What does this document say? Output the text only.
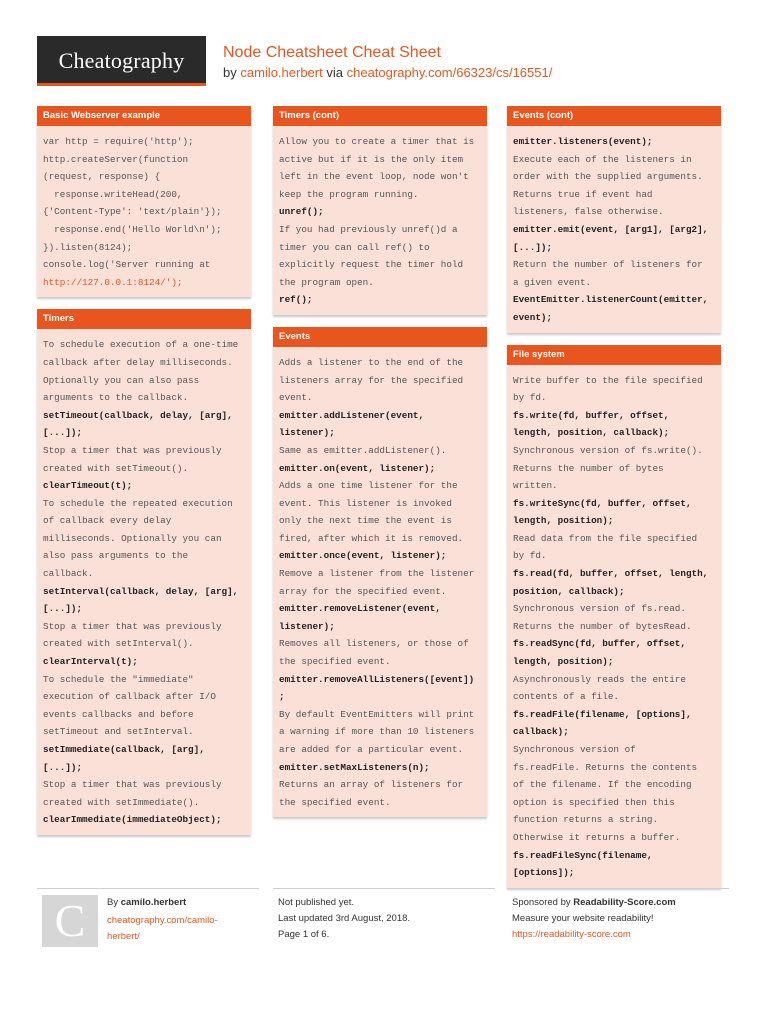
Cheatography	Node Cheatsheet Cheat Sheet
by camilo.herbert via cheatography.com/66323/cs/16551/
Basic Webserver example
var http = require('http');
http.createServer(function
(request, response) {
response.writeHead(200,
{'Content-Type': 'text/plain'});
response.end('Hello World\n');
}).listen(8124);
console.log('Server running at
http://127.0.0.1:8124/');
Timers
To schedule execution of a one-time
callback after delay milliseconds.
Optionally you can also pass
arguments to the callback.
setTimeout(callback, delay, [arg],
[...]);
Stop a timer that was previously
created with setTimeout().
clearTimeout(t);
To schedule the repeated execution
of callback every delay
milliseconds. Optionally you can
also pass arguments to the
callback.
setInterval(callback, delay, [arg],
[...]);
Stop a timer that was previously
created with setInterval().
clearInterval(t);
To schedule the "immediate"
execution of callback after I/O
events callbacks and before
setTimeout and setInterval.
setImmediate(callback, [arg],
[...]);
Stop a timer that was previously
created with setImmediate().
clearImmediate(immediateObject);
Timers (cont)
Allow you to create a timer that is
active but if it is the only item
left in the event loop, node won't
keep the program running.
unref();
If you had previously unref()d a
timer you can call ref() to
explicitly request the timer hold
the program open.
ref();
Events
Adds a listener to the end of the
listeners array for the specified
event.
emitter.addListener(event,
listener);
Same as emitter.addListener().
emitter.on(event, listener);
Adds a one time listener for the
event. This listener is invoked
only the next time the event is
fired, after which it is removed.
emitter.once(event, listener);
Remove a listener from the listener
array for the specified event.
emitter.removeListener(event,
listener);
Removes all listeners, or those of
the specified event.
emitter.removeAllListeners([event])
;
By default EventEmitters will print
a warning if more than 10 listeners
are added for a particular event.
emitter.setMaxListeners(n);
Returns an array of listeners for
the specified event.
Events (cont)
emitter.listeners(event);
Execute each of the listeners in
order with the supplied arguments.
Returns true if event had
listeners, false otherwise.
emitter.emit(event, [arg1], [arg2],
[...]);
Return the number of listeners for
a given event.
EventEmitter.listenerCount(emitter,
event);
File system
Write buffer to the file specified
by fd.
fs.write(fd, buffer, offset,
length, position, callback);
Synchronous version of fs.write().
Returns the number of bytes
written.
fs.writeSync(fd, buffer, offset,
length, position);
Read data from the file specified
by fd.
fs.read(fd, buffer, offset, length,
position, callback);
Synchronous version of fs.read.
Returns the number of bytesRead.
fs.readSync(fd, buffer, offset,
length, position);
Asynchronously reads the entire
contents of a file.
fs.readFile(filename, [options],
callback);
Synchronous version of
fs.readFile. Returns the contents
of the filename. If the encoding
option is specified then this
function returns a string.
Otherwise it returns a buffer.
fs.readFileSync(filename,
[options]);
C	By camilo.herbert
cheatography.com/camilo-
herbert/
Not published yet.
Last updated 3rd August, 2018.
Page 1 of 6.
Sponsored by Readability-Score.com
Measure your website readability!
https://readability-score.com
